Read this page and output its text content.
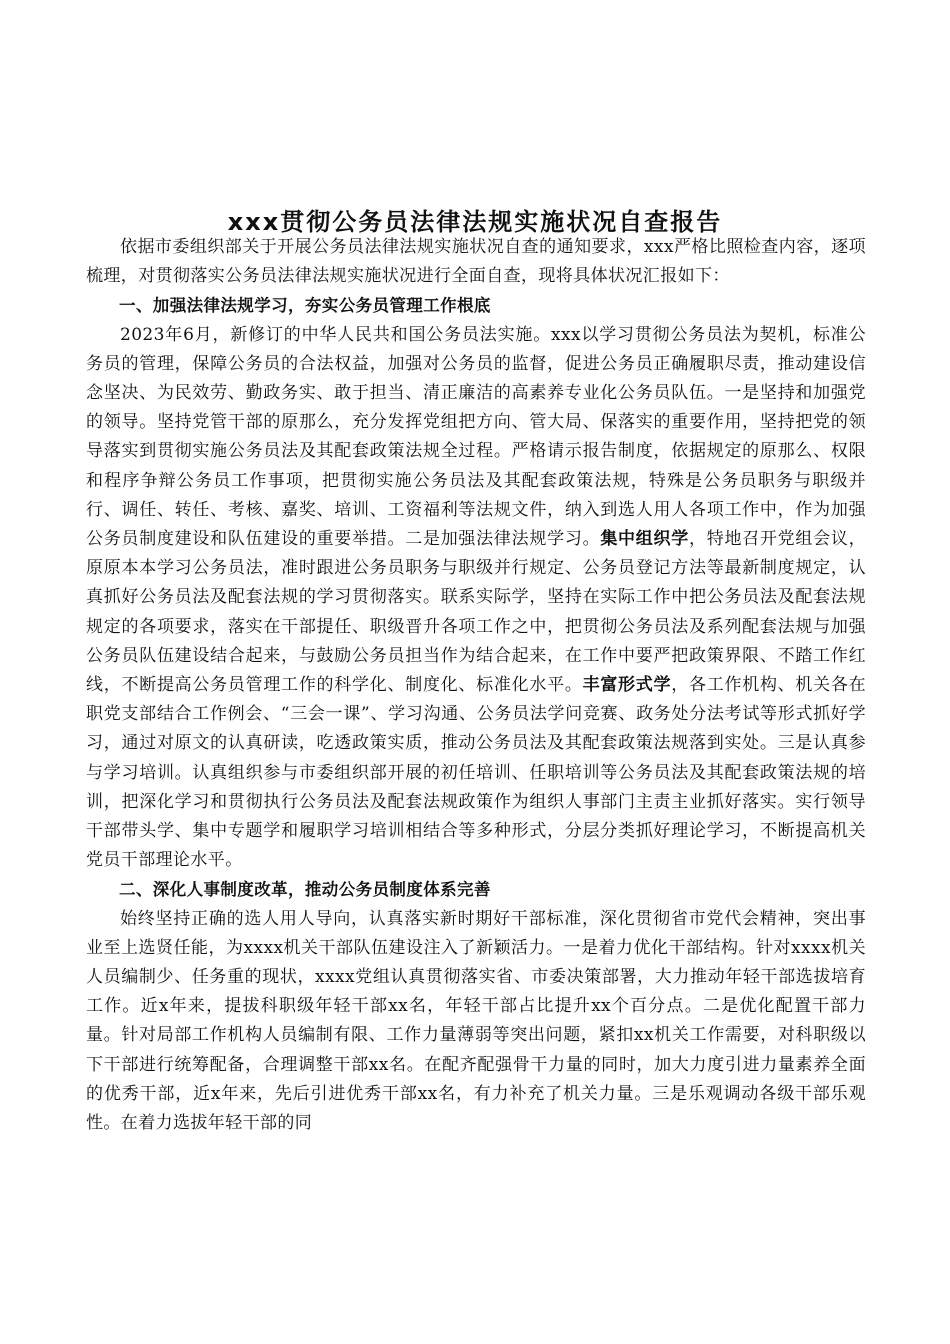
xxx贯彻公务员法律法规实施状况自查报告

依据市委组织部关于开展公务员法律法规实施状况自查的通知要求，xxx严格比照检查内容，逐项梳理，对贯彻落实公务员法律法规实施状况进行全面自查，现将具体状况汇报如下：

一、加强法律法规学习，夯实公务员管理工作根底

2023年6月，新修订的中华人民共和国公务员法实施。xxx以学习贯彻公务员法为契机，标准公务员的管理，保障公务员的合法权益，加强对公务员的监督，促进公务员正确履职尽责，推动建设信念坚决、为民效劳、勤政务实、敢于担当、清正廉洁的高素养专业化公务员队伍。一是坚持和加强党的领导。坚持党管干部的原那么，充分发挥党组把方向、管大局、保落实的重要作用，坚持把党的领导落实到贯彻实施公务员法及其配套政策法规全过程。严格请示报告制度，依据规定的原那么、权限和程序争辩公务员工作事项，把贯彻实施公务员法及其配套政策法规，特殊是公务员职务与职级并行、调任、转任、考核、嘉奖、培训、工资福利等法规文件，纳入到选人用人各项工作中，作为加强公务员制度建设和队伍建设的重要举措。二是加强法律法规学习。集中组织学，特地召开党组会议，原原本本学习公务员法，准时跟进公务员职务与职级并行规定、公务员登记方法等最新制度规定，认真抓好公务员法及配套法规的学习贯彻落实。联系实际学，坚持在实际工作中把公务员法及配套法规规定的各项要求，落实在干部提任、职级晋升各项工作之中，把贯彻公务员法及系列配套法规与加强公务员队伍建设结合起来，与鼓励公务员担当作为结合起来，在工作中要严把政策界限、不踏工作红线，不断提高公务员管理工作的科学化、制度化、标准化水平。丰富形式学，各工作机构、机关各在职党支部结合工作例会、“三会一课”、学习沟通、公务员法学问竞赛、政务处分法考试等形式抓好学习，通过对原文的认真研读，吃透政策实质，推动公务员法及其配套政策法规落到实处。三是认真参与学习培训。认真组织参与市委组织部开展的初任培训、任职培训等公务员法及其配套政策法规的培训，把深化学习和贯彻执行公务员法及配套法规政策作为组织人事部门主责主业抓好落实。实行领导干部带头学、集中专题学和履职学习培训相结合等多种形式，分层分类抓好理论学习，不断提高机关党员干部理论水平。

二、深化人事制度改革，推动公务员制度体系完善

始终坚持正确的选人用人导向，认真落实新时期好干部标准，深化贯彻省市党代会精神，突出事业至上选贤任能，为xxxx机关干部队伍建设注入了新颖活力。一是着力优化干部结构。针对xxxx机关人员编制少、任务重的现状，xxxx党组认真贯彻落实省、市委决策部署，大力推动年轻干部选拔培育工作。近x年来，提拔科职级年轻干部xx名，年轻干部占比提升xx个百分点。二是优化配置干部力量。针对局部工作机构人员编制有限、工作力量薄弱等突出问题，紧扣xx机关工作需要，对科职级以下干部进行统筹配备，合理调整干部xx名。在配齐配强骨干力量的同时，加大力度引进力量素养全面的优秀干部，近x年来，先后引进优秀干部xx名，有力补充了机关力量。三是乐观调动各级干部乐观性。在着力选拔年轻干部的同
